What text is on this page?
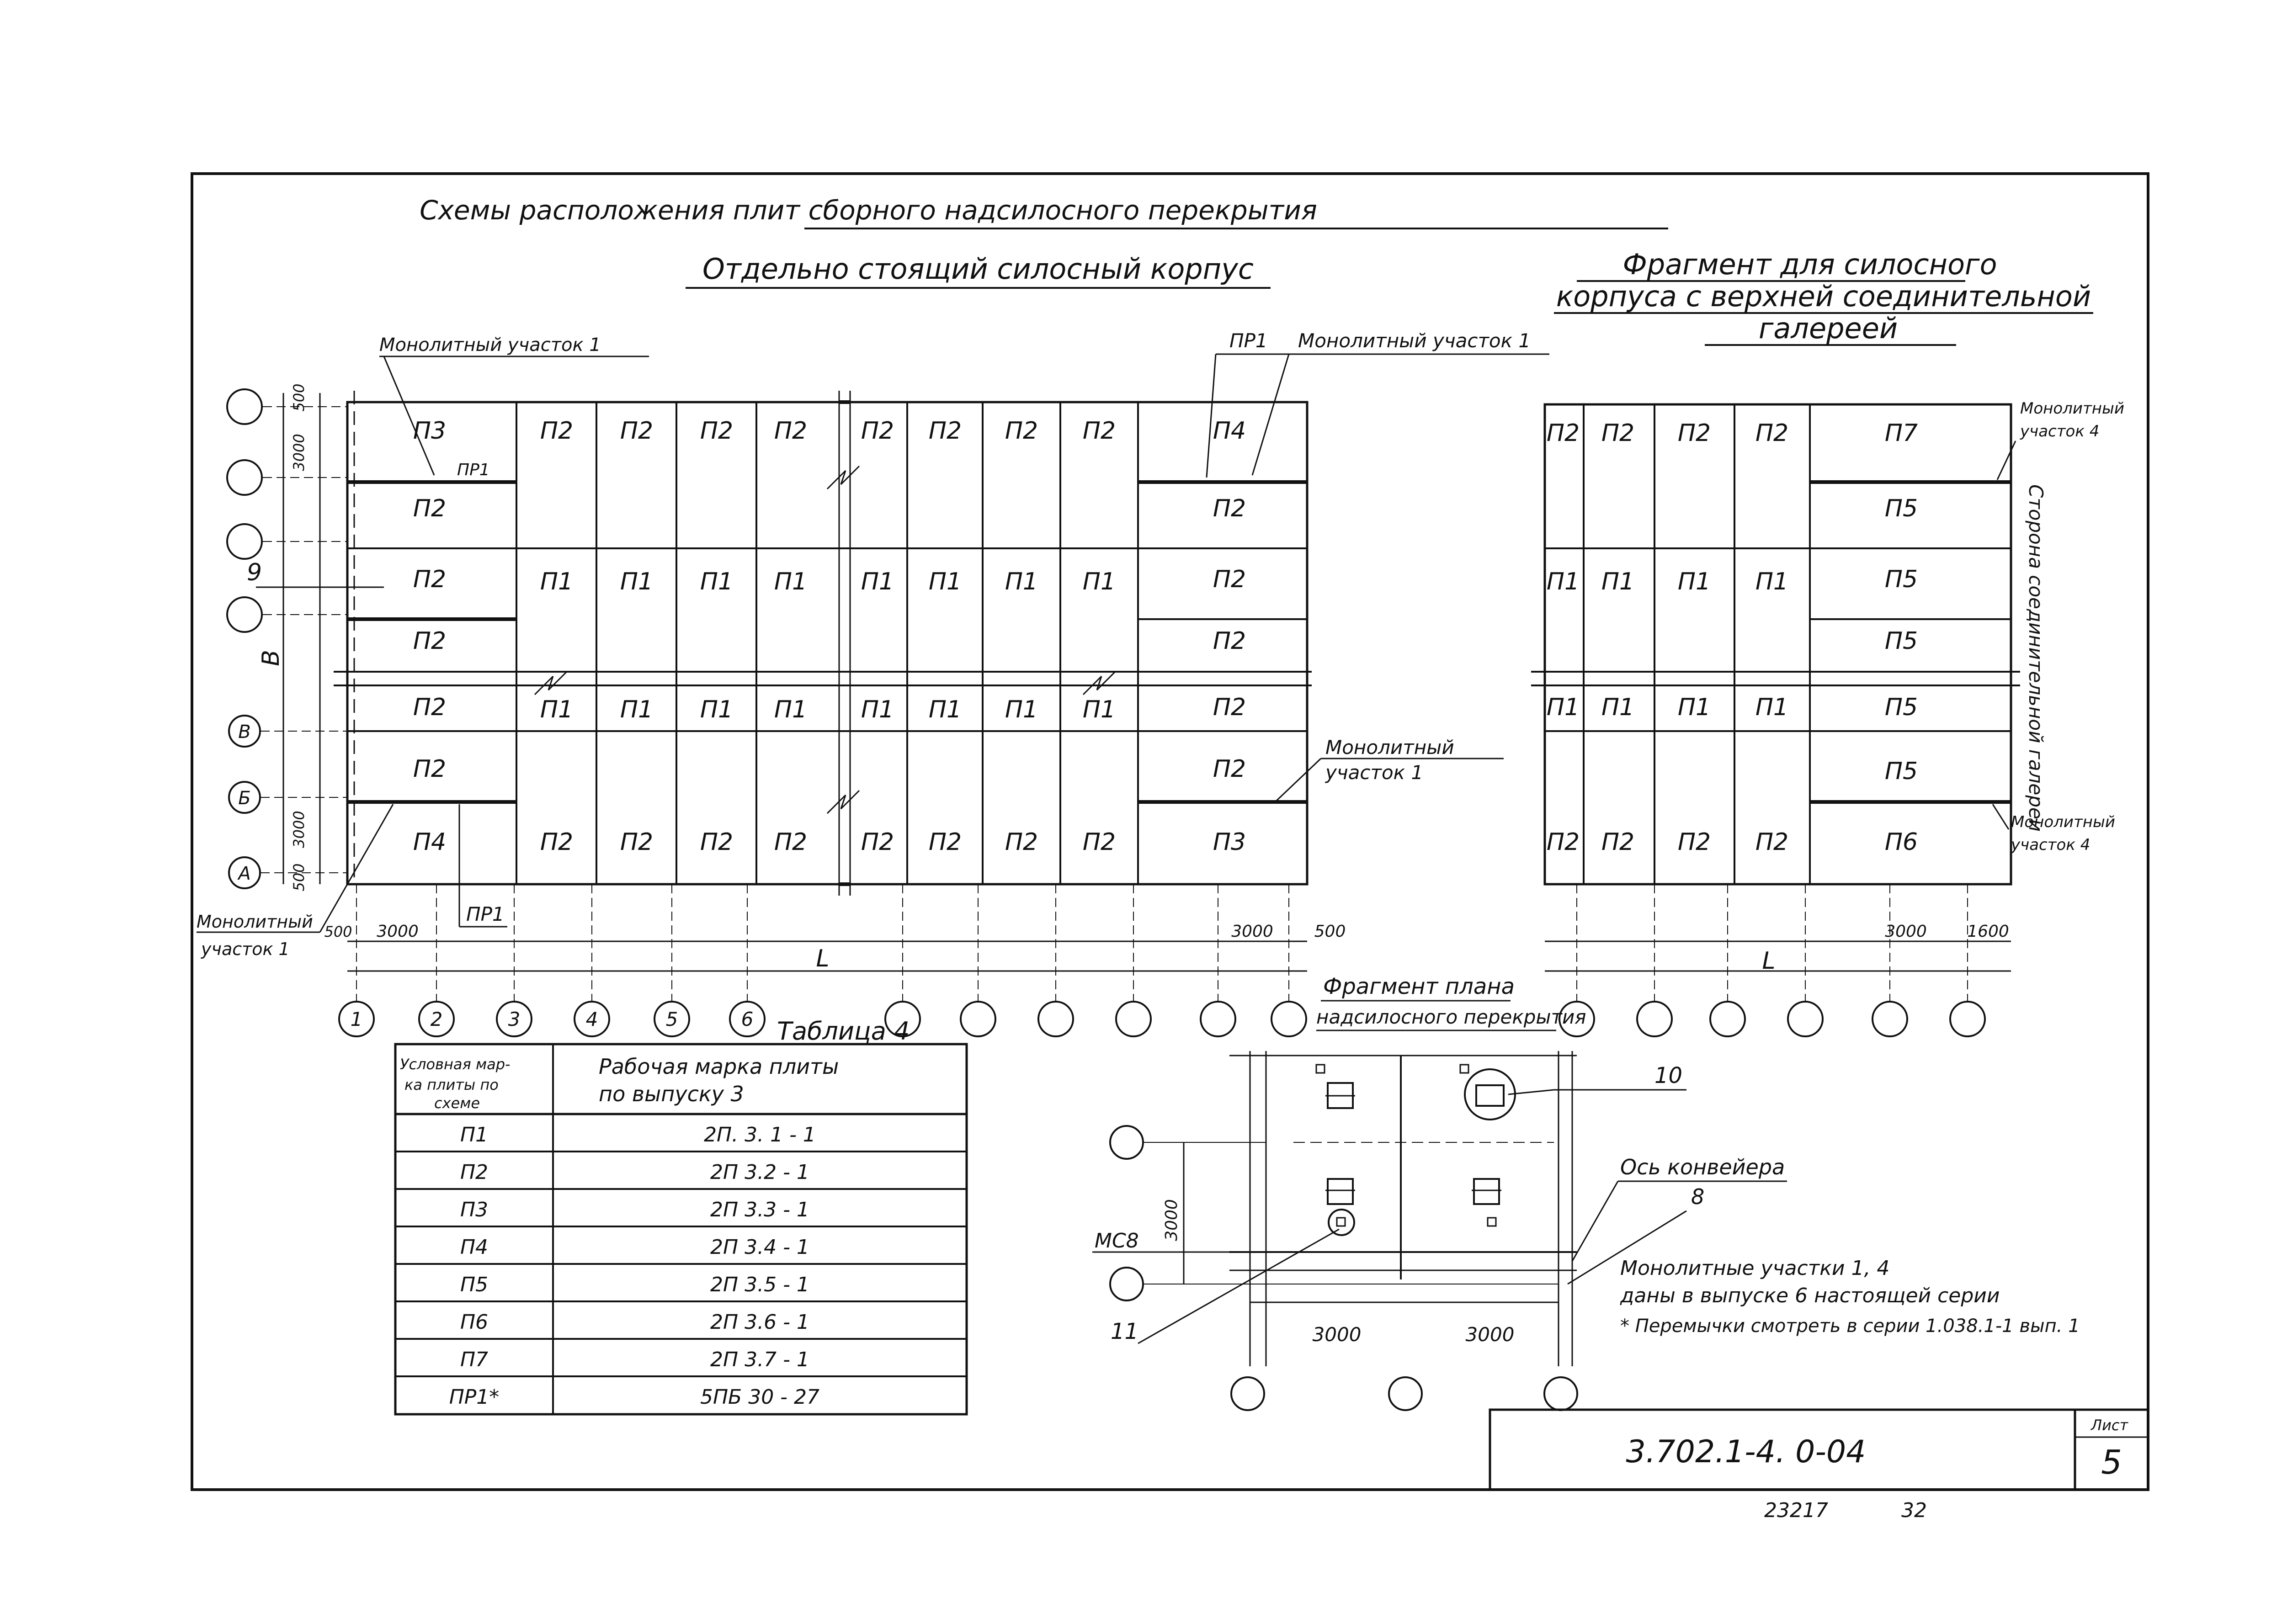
Схемы расположения плит сборного надсилосного перекрытия
Отдельно стоящий силосный корпус	Фрагмент для силосного
корпуса с верхней соединительной
галереей
Монолитный участок 1	ПР1 Монолитный участок 1
П3	П2 П2 П2 П2 П2 П2 П2 П2	П4
ПР1
П2	П2
П2	П1 П1 П1 П1 П1 П1 П1 П1	П2
П2	П2
П2	П1 П1 П1 П1 П1 П1 П1 П1	П2
П2	П2
П4	П2 П2 П2 П2 П2 П2 П2 П2	П3
Монолитный
участок 1
Монолитный
участок 1
9
В
Б
А
500
3000
3000
500
В
500 3000	3000 500
ПР1
L
1	2	3	4	5	6
П2 П2 П2 П2	П7
П5
П1 П1 П1 П1	П5
П5
П1 П1 П1 П1	П5
П5
П2 П2 П2 П2	П6
Монолитный
участок 4
Монолитный
участок 4
Сторона соединительной галереи
3000 1600
L
Таблица 4
Условная мар-
ка плиты по
схеме
Рабочая марка плиты
по выпуску 3
П1	2П. 3. 1 - 1
П2	2П 3.2 - 1
П3	2П 3.3 - 1
П4	2П 3.4 - 1
П5	2П 3.5 - 1
П6	2П 3.6 - 1
П7	2П 3.7 - 1
ПР1*	5ПБ 30 - 27
Фрагмент плана
надсилосного перекрытия
3000
3000	3000
10
Ось конвейера
8
МС8
11
Монолитные участки 1, 4
даны в выпуске 6 настоящей серии
* Перемычки смотреть в серии 1.038.1-1 вып. 1
3.702.1-4. 0-04
Лист
5
23217	32
